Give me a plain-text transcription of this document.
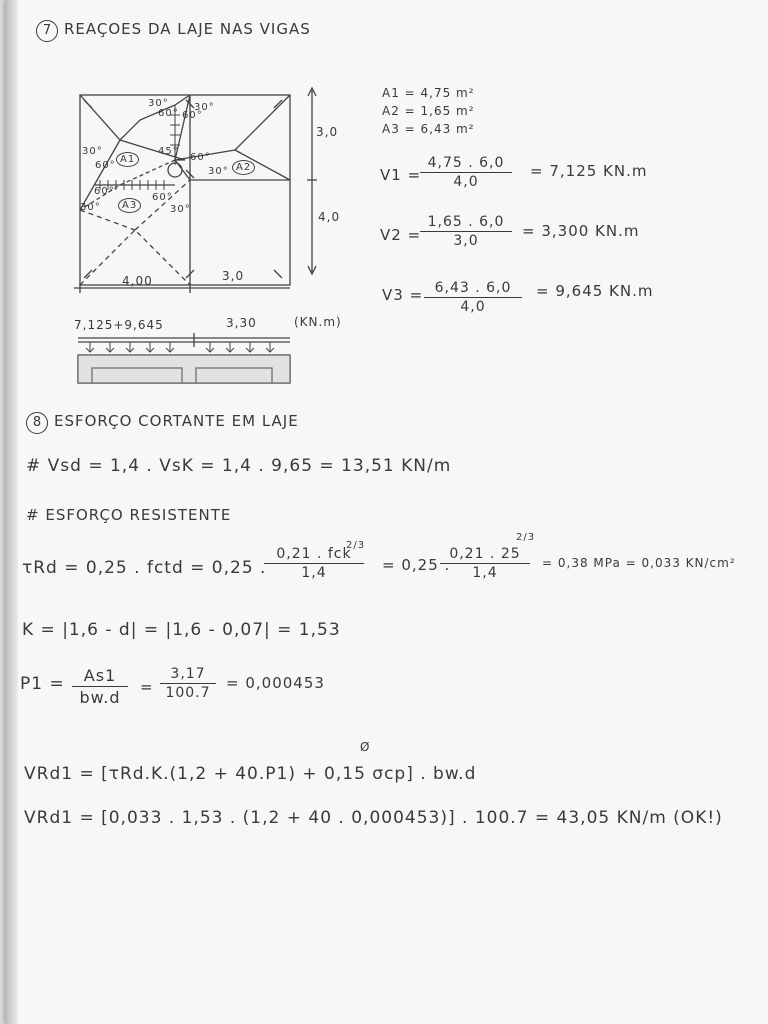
7 REAÇOES DA LAJE NAS VIGAS
3,0
4,0
4,00	3,0
A1
A2
A3
30°
60°
30°
60°
30°
60°
45°
60°
30°
60°
30°
60°
30°
7,125+9,645	3,30	(KN.m)
A1 = 4,75 m²
A2 = 1,65 m²
A3 = 6,43 m²
V1 =
4,75 . 6,0
4,0
= 7,125 KN.m
V2 =
1,65 . 6,0
3,0
= 3,300 KN.m
V3 = 6,43 . 6,0
4,0
= 9,645 KN.m
8 ESFORÇO CORTANTE EM LAJE
# Vsd = 1,4 . VsK = 1,4 . 9,65 = 13,51 KN/m
# ESFORÇO RESISTENTE
τRd = 0,25 . fctd = 0,25 .
0,21 . fck
1,4
2/3
= 0,25 .
0,21 . 25
1,4
2/3
= 0,38 MPa = 0,033 KN/cm²
K = |1,6 - d| = |1,6 - 0,07| = 1,53
P1 =	As1
bw.d
=
3,17
100.7
= 0,000453
Ø
VRd1 = [τRd.K.(1,2 + 40.P1) + 0,15 σcp] . bw.d
VRd1 = [0,033 . 1,53 . (1,2 + 40 . 0,000453)] . 100.7 = 43,05 KN/m (OK!)
